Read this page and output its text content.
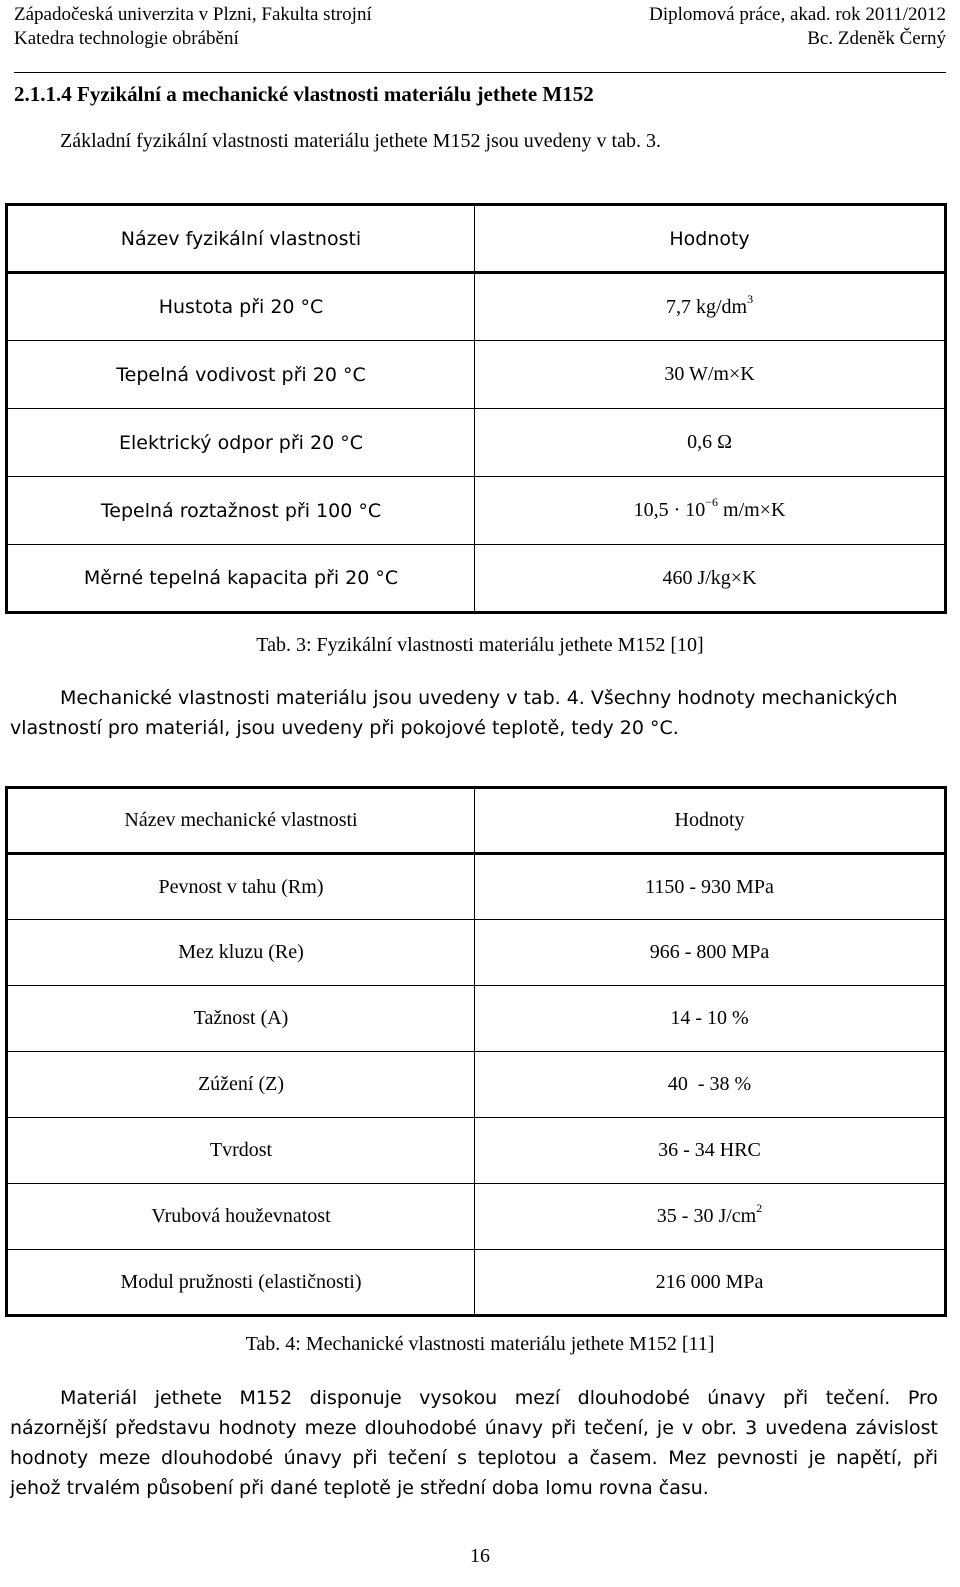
Západočeská univerzita v Plzni, Fakulta strojní	Diplomová práce, akad. rok 2011/2012
Katedra technologie obrábění	Bc. Zdeněk Černý
2.1.1.4 Fyzikální a mechanické vlastnosti materiálu jethete M152
Základní fyzikální vlastnosti materiálu jethete M152 jsou uvedeny v tab. 3.
Název fyzikální vlastnosti	Hodnoty
Hustota při 20 °C	7,7 $kg/dm^3$
Tepelná vodivost při 20 °C	30 W/m×K
Elektrický odpor při 20 °C	0,6 Ω
Tepelná roztažnost při 100 °C	$10,5 \cdot 10^{-6}$ m/m×K
Měrné tepelná kapacita při 20 °C	460 J/kg×K
Tab. 3: Fyzikální vlastnosti materiálu jethete M152 [10]
Mechanické vlastnosti materiálu jsou uvedeny v tab. 4. Všechny hodnoty mechanických
vlastností pro materiál, jsou uvedeny při pokojové teplotě, tedy 20 °C.
Název mechanické vlastnosti	Hodnoty
Pevnost v tahu (Rm)	1150 - 930 MPa
Mez kluzu (Re)	966 - 800 MPa
Tažnost (A)	14 - 10 %
Zúžení (Z)	40  - 38 %
Tvrdost	36 - 34 HRC
Vrubová houževnatost	35 - 30 $J/cm^2$
Modul pružnosti (elastičnosti)	216 000 MPa
Tab. 4: Mechanické vlastnosti materiálu jethete M152 [11]
Materiál jethete M152 disponuje vysokou mezí dlouhodobé únavy při tečení. Pro
názornější představu hodnoty meze dlouhodobé únavy při tečení, je v obr. 3 uvedena závislost
hodnoty meze dlouhodobé únavy při tečení s teplotou a časem. Mez pevnosti je napětí, při
jehož trvalém působení při dané teplotě je střední doba lomu rovna času.
16
